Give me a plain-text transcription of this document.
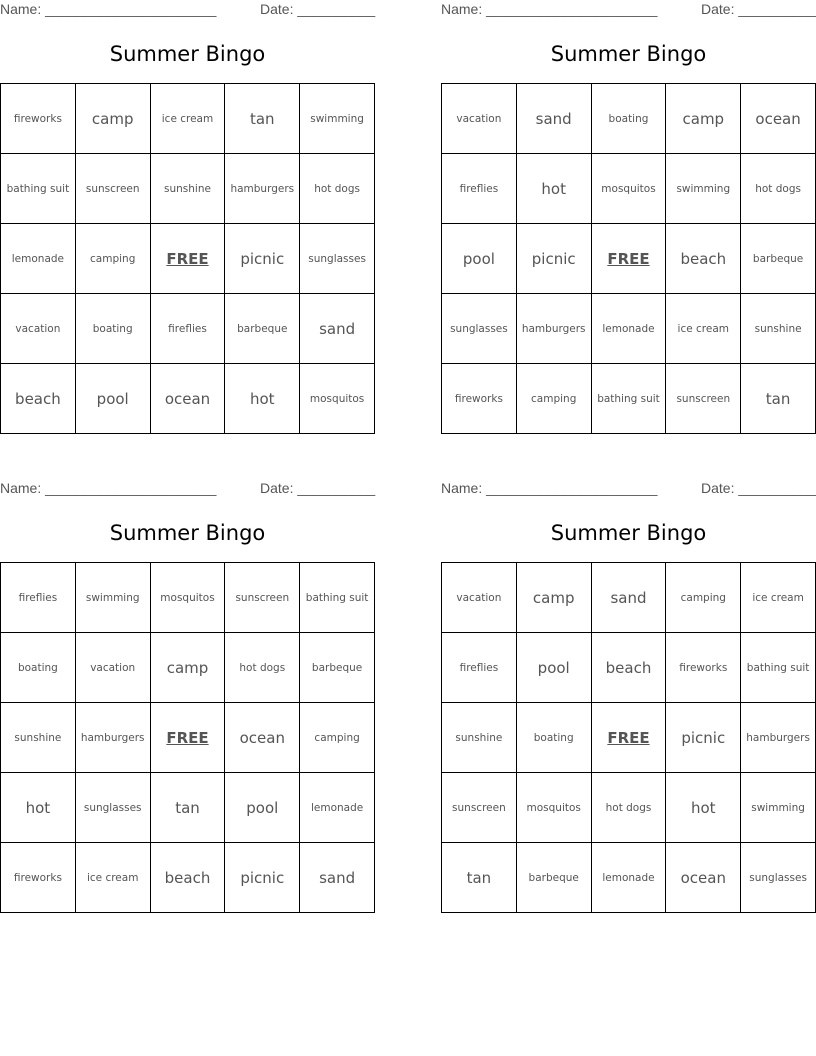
Name: ______________________	Date: __________
Summer Bingo
fireworks	camp	ice cream	tan	swimming
bathing suit	sunscreen	sunshine	hamburgers	hot dogs
lemonade	camping	FREE	picnic	sunglasses
vacation	boating	fireflies	barbeque	sand
beach	pool	ocean	hot	mosquitos
Name: ______________________	Date: __________
Summer Bingo
vacation	sand	boating	camp	ocean
fireflies	hot	mosquitos	swimming	hot dogs
pool	picnic	FREE	beach	barbeque
sunglasses	hamburgers	lemonade	ice cream	sunshine
fireworks	camping	bathing suit	sunscreen	tan
Name: ______________________	Date: __________
Summer Bingo
fireflies	swimming	mosquitos	sunscreen	bathing suit
boating	vacation	camp	hot dogs	barbeque
sunshine	hamburgers	FREE	ocean	camping
hot	sunglasses	tan	pool	lemonade
fireworks	ice cream	beach	picnic	sand
Name: ______________________	Date: __________
Summer Bingo
vacation	camp	sand	camping	ice cream
fireflies	pool	beach	fireworks	bathing suit
sunshine	boating	FREE	picnic	hamburgers
sunscreen	mosquitos	hot dogs	hot	swimming
tan	barbeque	lemonade	ocean	sunglasses
